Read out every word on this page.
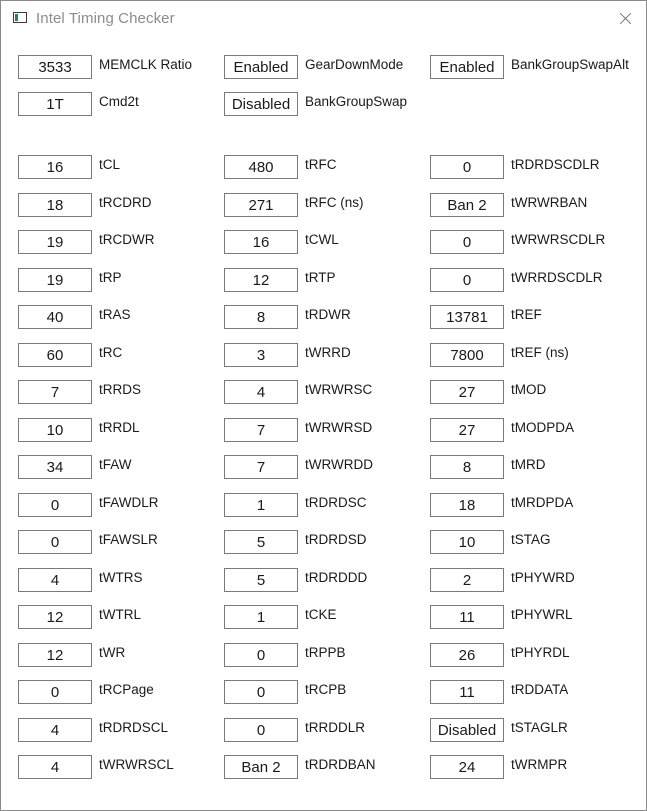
Intel Timing Checker
3533	MEMCLK Ratio	Enabled	GearDownMode	Enabled	BankGroupSwapAlt
1T	Cmd2t	Disabled	BankGroupSwap
16	tCL	480	tRFC	0	tRDRDSCDLR
18	tRCDRD	271	tRFC (ns)	Ban 2	tWRWRBAN
19	tRCDWR	16	tCWL	0	tWRWRSCDLR
19	tRP	12	tRTP	0	tWRRDSCDLR
40	tRAS	8	tRDWR	13781	tREF
60	tRC	3	tWRRD	7800	tREF (ns)
7	tRRDS	4	tWRWRSC	27	tMOD
10	tRRDL	7	tWRWRSD	27	tMODPDA
34	tFAW	7	tWRWRDD	8	tMRD
0	tFAWDLR	1	tRDRDSC	18	tMRDPDA
0	tFAWSLR	5	tRDRDSD	10	tSTAG
4	tWTRS	5	tRDRDDD	2	tPHYWRD
12	tWTRL	1	tCKE	11	tPHYWRL
12	tWR	0	tRPPB	26	tPHYRDL
0	tRCPage	0	tRCPB	11	tRDDATA
4	tRDRDSCL	0	tRRDDLR	Disabled	tSTAGLR
4	tWRWRSCL	Ban 2	tRDRDBAN	24	tWRMPR
